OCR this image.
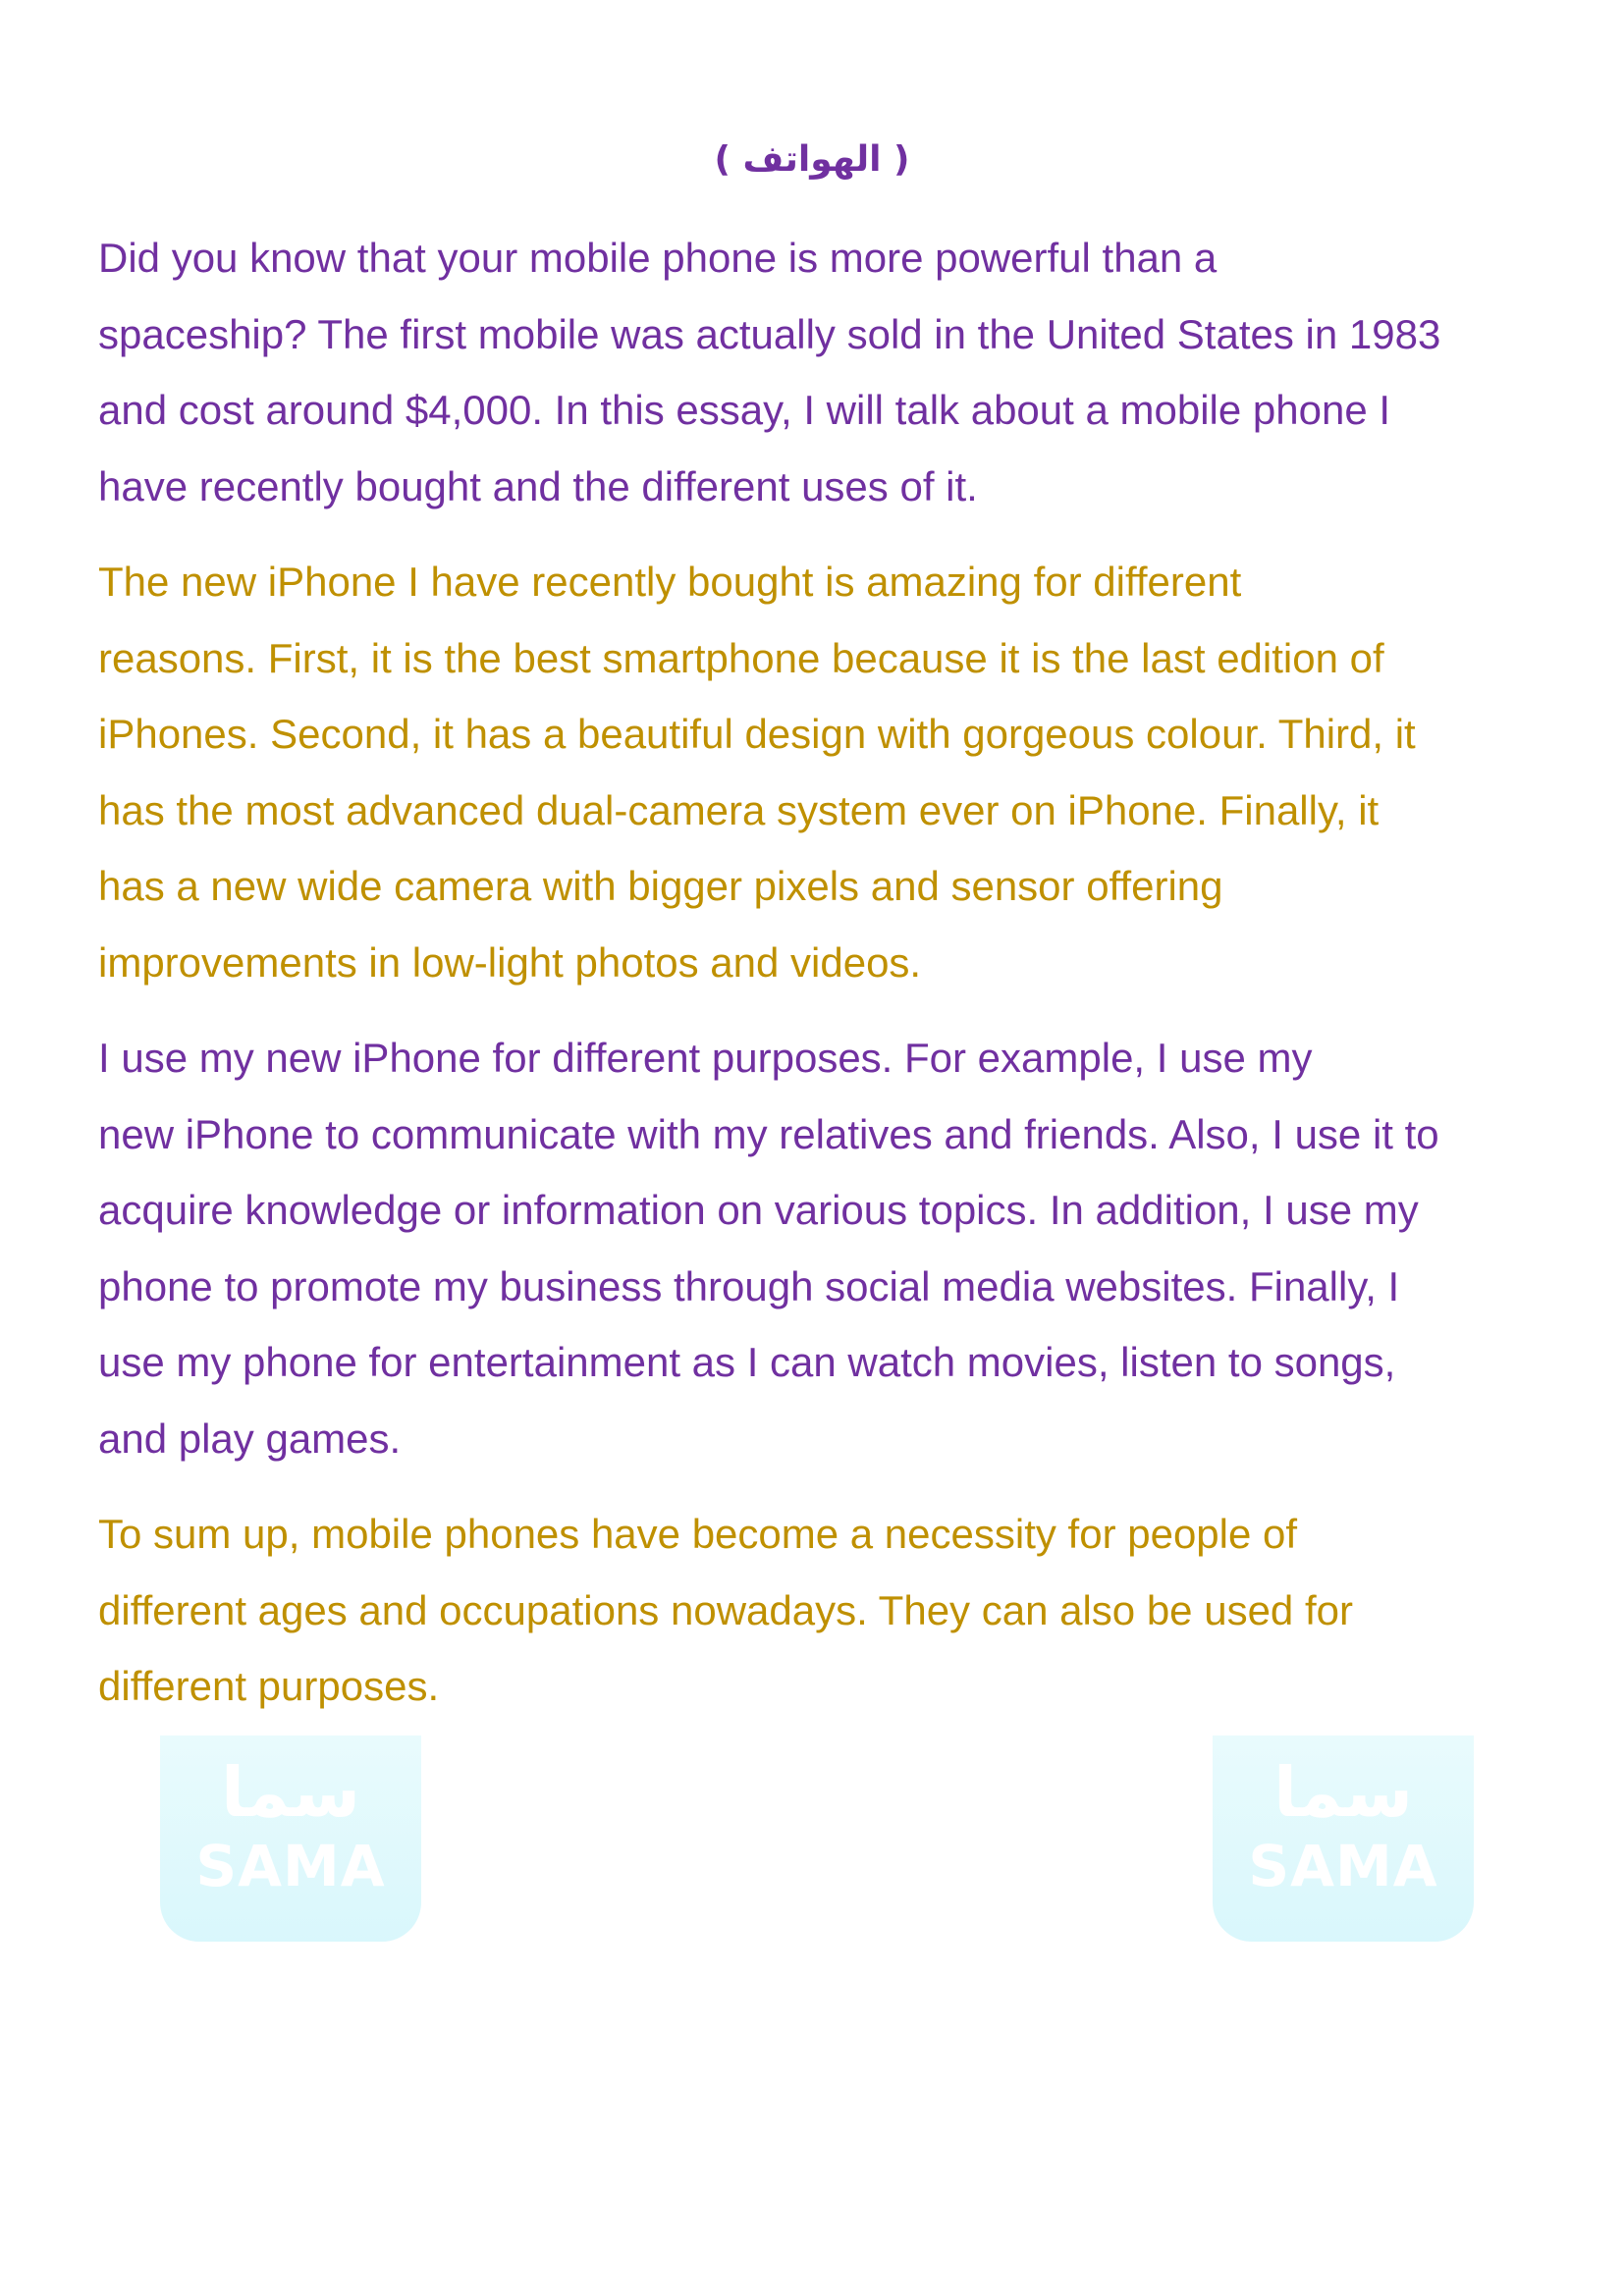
( الهواتف )

Did you know that your mobile phone is more powerful than a
spaceship? The first mobile was actually sold in the United States in 1983
and cost around $4,000. In this essay, I will talk about a mobile phone I
have recently bought and the different uses of it.

The new iPhone I have recently bought is amazing for different
reasons. First, it is the best smartphone because it is the last edition of
iPhones. Second, it has a beautiful design with gorgeous colour. Third, it
has the most advanced dual-camera system ever on iPhone. Finally, it
has a new wide camera with bigger pixels and sensor offering
improvements in low-light photos and videos.

I use my new iPhone for different purposes. For example, I use my
new iPhone to communicate with my relatives and friends. Also, I use it to
acquire knowledge or information on various topics. In addition, I use my
phone to promote my business through social media websites. Finally, I
use my phone for entertainment as I can watch movies, listen to songs,
and play games.

To sum up, mobile phones have become a necessity for people of
different ages and occupations nowadays. They can also be used for
different purposes.

سما
SAMA
سما
SAMA
